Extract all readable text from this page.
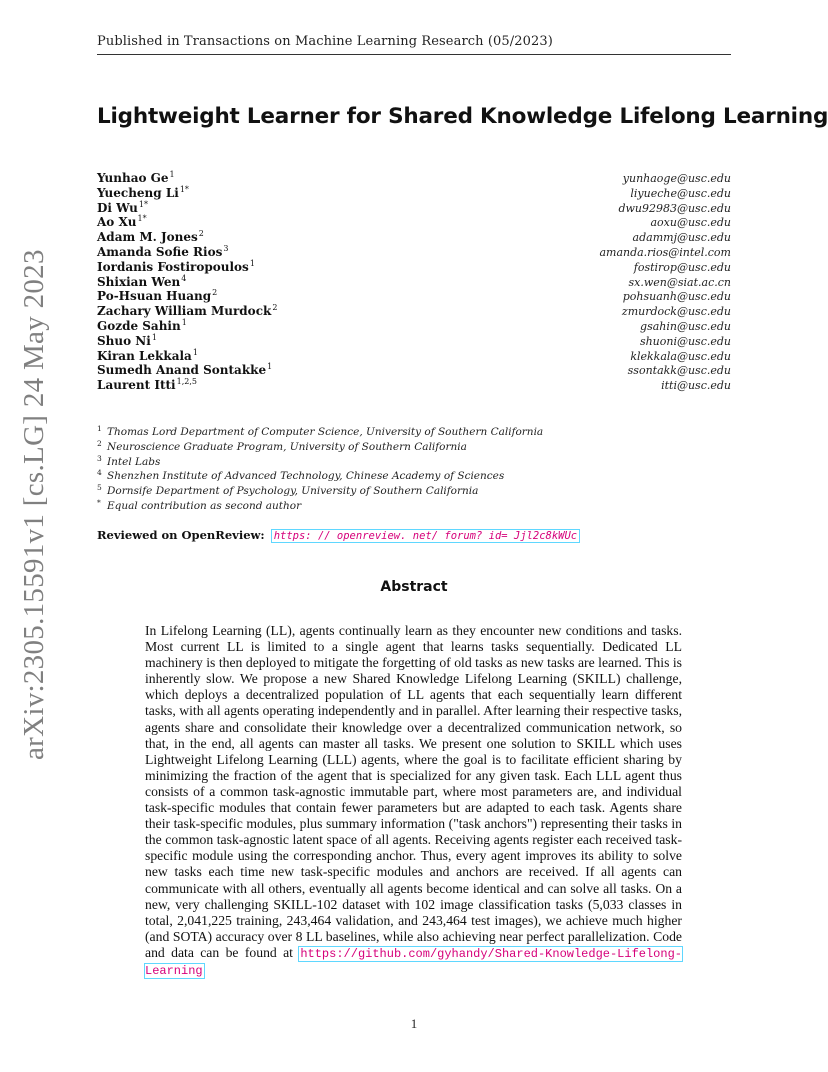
Published in Transactions on Machine Learning Research (05/2023)
arXiv:2305.15591v1 [cs.LG] 24 May 2023
Lightweight Learner for Shared Knowledge Lifelong Learning
Yunhao Ge$^1$	yunhaoge@usc.edu
Yuecheng $Li^{1*}$	liyueche@usc.edu
Di $Wu^{1*}$	dwu92983@usc.edu
Ao $Xu^{1*}$	aoxu@usc.edu
Adam M. Jones$^2$	adammj@usc.edu
Amanda Sofie Rios$^3$	amanda.rios@intel.com
Iordanis Fostiropoulos$^1$	fostirop@usc.edu
Shixian Wen$^4$	sx.wen@siat.ac.cn
Po-Hsuan Huang$^2$	pohsuanh@usc.edu
Zachary William Murdock$^2$	zmurdock@usc.edu
Gozde Sahin$^1$	gsahin@usc.edu
Shuo Ni$^1$	shuoni@usc.edu
Kiran Lekkala$^1$	klekkala@usc.edu
Sumedh Anand Sontakke$^1$	ssontakk@usc.edu
Laurent Itti$^{1,2,5}$	itti@usc.edu
$^1$ Thomas Lord Department of Computer Science, University of Southern California
$^2$ Neuroscience Graduate Program, University of Southern California
$^3$ Intel Labs
$^4$ Shenzhen Institute of Advanced Technology, Chinese Academy of Sciences
$^5$ Dornsife Department of Psychology, University of Southern California
* Equal contribution as second author
Reviewed on OpenReview: https: // openreview. net/ forum? id= Jjl2c8kWUc
Abstract
In Lifelong Learning (LL), agents continually learn as they encounter new conditions and tasks. Most current LL is limited to a single agent that learns tasks sequentially. Dedicated LL machinery is then deployed to mitigate the forgetting of old tasks as new tasks are learned. This is inherently slow. We propose a new Shared Knowledge Lifelong Learning (SKILL) challenge, which deploys a decentralized population of LL agents that each sequentially learn different tasks, with all agents operating independently and in parallel. After learning their respective tasks, agents share and consolidate their knowledge over a decentralized communication network, so that, in the end, all agents can master all tasks. We present one solution to SKILL which uses Lightweight Lifelong Learning (LLL) agents, where the goal is to facilitate efficient sharing by minimizing the fraction of the agent that is specialized for any given task. Each LLL agent thus consists of a common task-agnostic immutable part, where most parameters are, and individual task-specific modules that contain fewer parameters but are adapted to each task. Agents share their task-specific modules, plus summary information ("task anchors") representing their tasks in the common task-agnostic latent space of all agents. Receiving agents register each received task-specific module using the corresponding anchor. Thus, every agent improves its ability to solve new tasks each time new task-specific modules and anchors are received. If all agents can communicate with all others, eventually all agents become identical and can solve all tasks. On a new, very challenging SKILL-102 dataset with 102 image classification tasks (5,033 classes in total, 2,041,225 training, 243,464 validation, and 243,464 test images), we achieve much higher (and SOTA) accuracy over 8 LL baselines, while also achieving near perfect parallelization. Code and data can be found at https://github.com/gyhandy/Shared-Knowledge-Lifelong-Learning
1
